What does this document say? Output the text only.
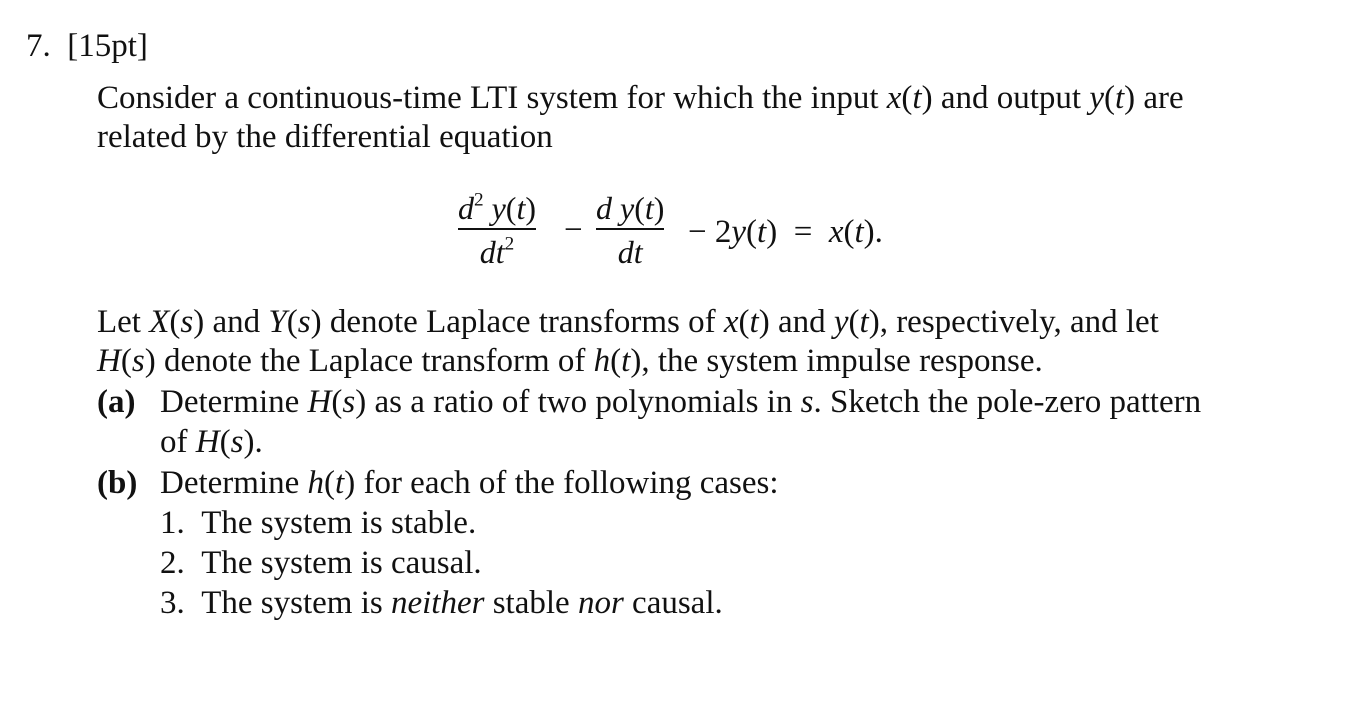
7. [15pt]
Consider a continuous-time LTI system for which the input x(t) and output y(t) are
related by the differential equation
$d^2$ y(t)
$dt^2$	−
d y(t)
dt
− 2y(t)  = x(t).
Let X(s) and Y(s) denote Laplace transforms of x(t) and y(t), respectively, and let
H(s) denote the Laplace transform of h(t), the system impulse response.
(a) Determine H(s) as a ratio of two polynomials in s. Sketch the pole-zero pattern
of H(s).
(b) Determine h(t) for each of the following cases:
1. The system is stable.
2. The system is causal.
3. The system is neither stable nor causal.
